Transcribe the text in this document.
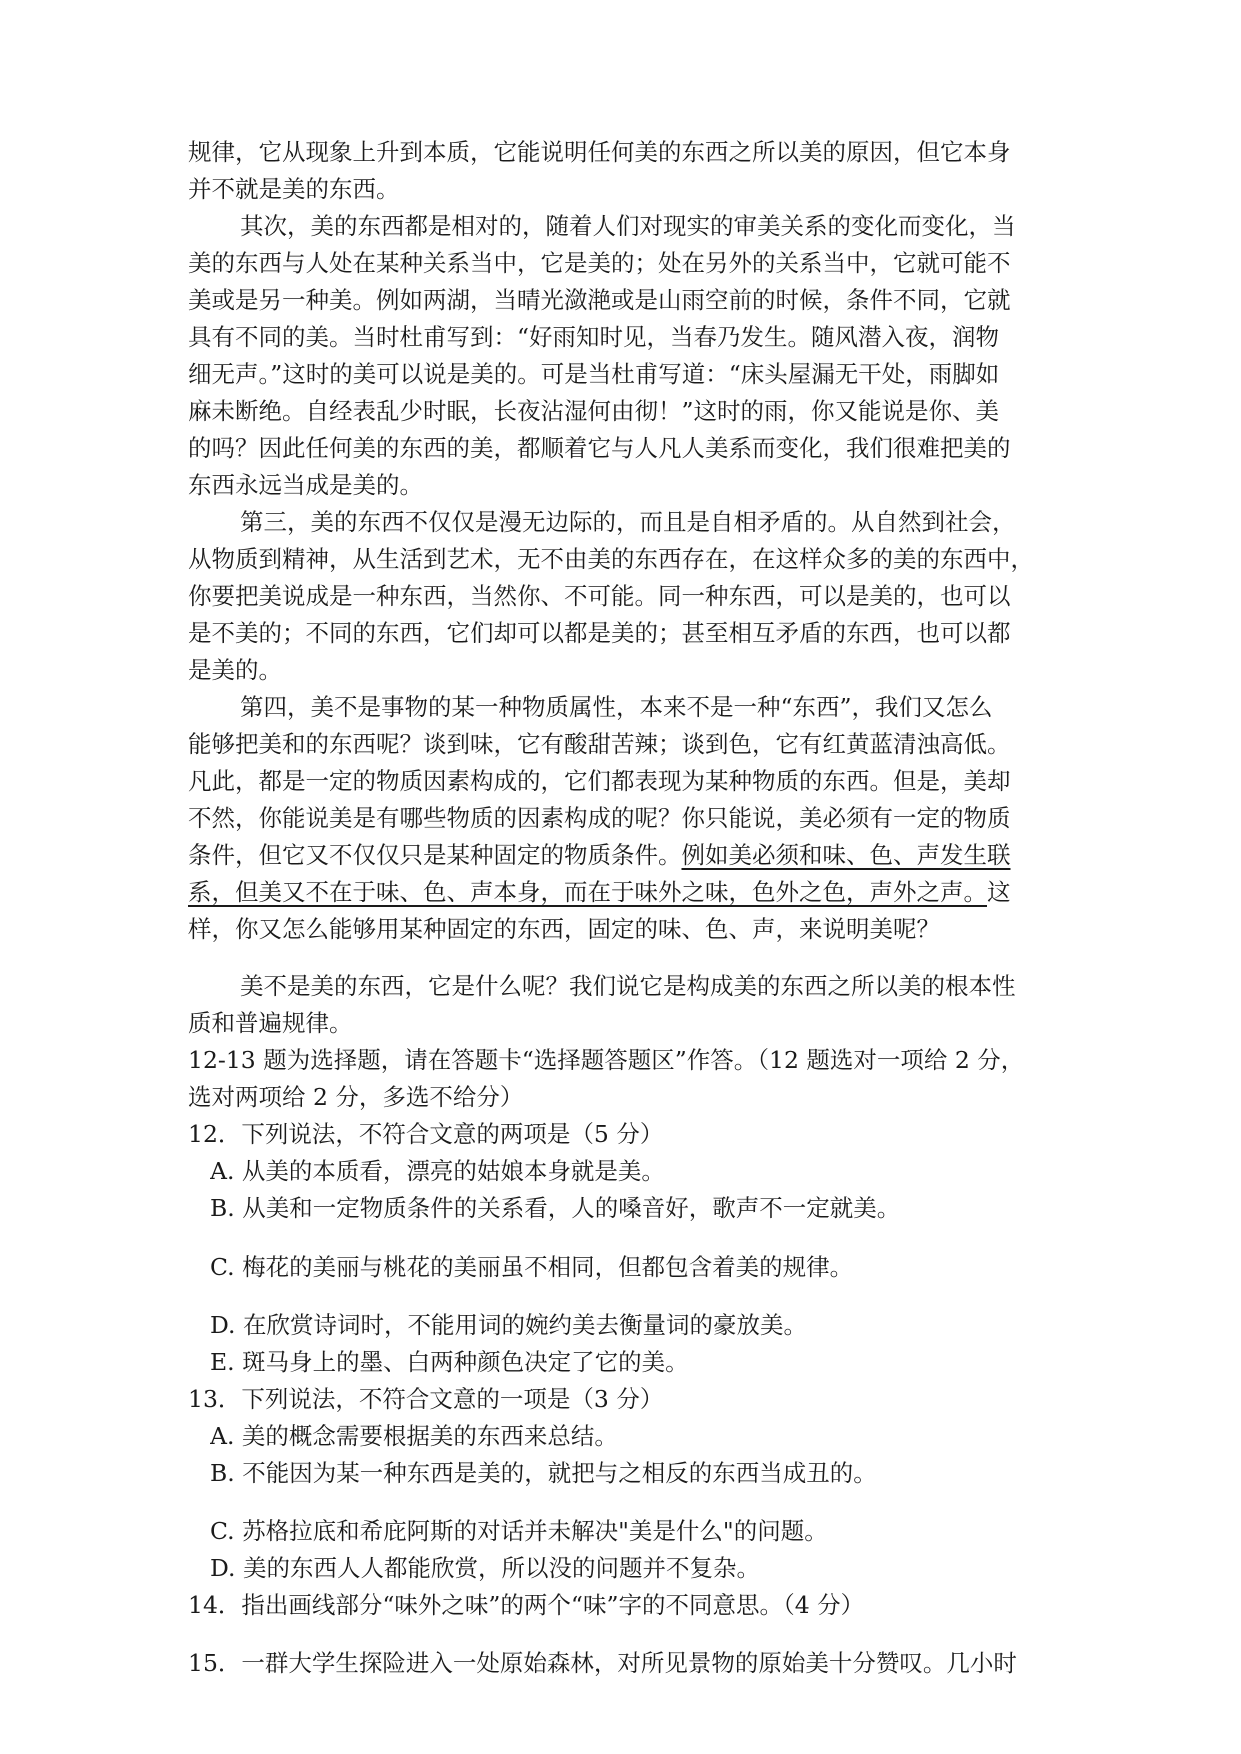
规律，它从现象上升到本质，它能说明任何美的东西之所以美的原因，但它本身
并不就是美的东西。
其次，美的东西都是相对的，随着人们对现实的审美关系的变化而变化，当
美的东西与人处在某种关系当中，它是美的；处在另外的关系当中，它就可能不
美或是另一种美。例如两湖，当晴光潋滟或是山雨空前的时候，条件不同，它就
具有不同的美。当时杜甫写到：“好雨知时见，当春乃发生。随风潜入夜，润物
细无声。”这时的美可以说是美的。可是当杜甫写道：“床头屋漏无干处，雨脚如
麻未断绝。自经表乱少时眠，长夜沾湿何由彻！”这时的雨，你又能说是你、美
的吗？因此任何美的东西的美，都顺着它与人凡人美系而变化，我们很难把美的
东西永远当成是美的。
第三，美的东西不仅仅是漫无边际的，而且是自相矛盾的。从自然到社会，
从物质到精神，从生活到艺术，无不由美的东西存在，在这样众多的美的东西中，
你要把美说成是一种东西，当然你、不可能。同一种东西，可以是美的，也可以
是不美的；不同的东西，它们却可以都是美的；甚至相互矛盾的东西，也可以都
是美的。
第四，美不是事物的某一种物质属性，本来不是一种“东西”，我们又怎么
能够把美和的东西呢？谈到味，它有酸甜苦辣；谈到色，它有红黄蓝清浊高低。
凡此，都是一定的物质因素构成的，它们都表现为某种物质的东西。但是，美却
不然，你能说美是有哪些物质的因素构成的呢？你只能说，美必须有一定的物质
条件，但它又不仅仅只是某种固定的物质条件。例如美必须和味、色、声发生联
系，但美又不在于味、色、声本身，而在于味外之味，色外之色，声外之声。这
样，你又怎么能够用某种固定的东西，固定的味、色、声，来说明美呢？
美不是美的东西，它是什么呢？我们说它是构成美的东西之所以美的根本性
质和普遍规律。
12-13 题为选择题，请在答题卡“选择题答题区”作答。（12 题选对一项给 2 分，
选对两项给 2 分，多选不给分）
12．下列说法，不符合文意的两项是（5 分）
A. 从美的本质看，漂亮的姑娘本身就是美。
B. 从美和一定物质条件的关系看，人的嗓音好，歌声不一定就美。
C. 梅花的美丽与桃花的美丽虽不相同，但都包含着美的规律。
D. 在欣赏诗词时，不能用词的婉约美去衡量词的豪放美。
E. 斑马身上的墨、白两种颜色决定了它的美。
13．下列说法，不符合文意的一项是（3 分）
A. 美的概念需要根据美的东西来总结。
B. 不能因为某一种东西是美的，就把与之相反的东西当成丑的。
C. 苏格拉底和希庇阿斯的对话并未解决"美是什么"的问题。
D. 美的东西人人都能欣赏，所以没的问题并不复杂。
14．指出画线部分“味外之味”的两个“味”字的不同意思。（4 分）
15．一群大学生探险进入一处原始森林，对所见景物的原始美十分赞叹。几小时
